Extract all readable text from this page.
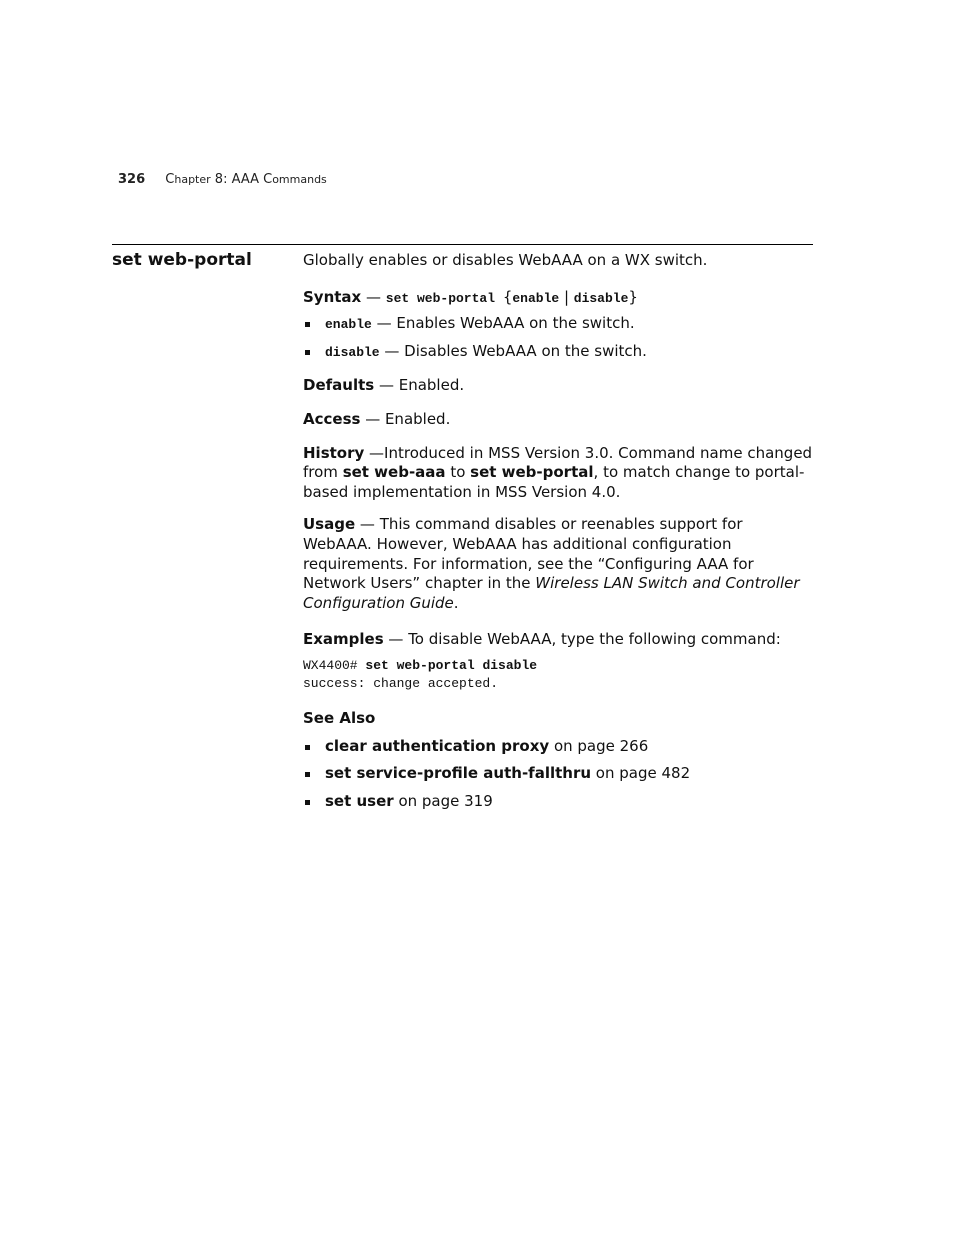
326 Chapter 8: AAA Commands
set web-portal	Globally enables or disables WebAAA on a WX switch.

Syntax — set web-portal {enable | disable}

enable — Enables WebAAA on the switch.
disable — Disables WebAAA on the switch.

Defaults — Enabled.

Access — Enabled.

History —Introduced in MSS Version 3.0. Command name changed from set web-aaa to set web-portal, to match change to portal-based implementation in MSS Version 4.0.

Usage — This command disables or reenables support for WebAAA. However, WebAAA has additional configuration requirements. For information, see the “Configuring AAA for Network Users” chapter in the Wireless LAN Switch and Controller Configuration Guide.

Examples — To disable WebAAA, type the following command:

WX4400# set web-portal disable
success: change accepted.

See Also

clear authentication proxy on page 266
set service-profile auth-fallthru on page 482
set user on page 319
